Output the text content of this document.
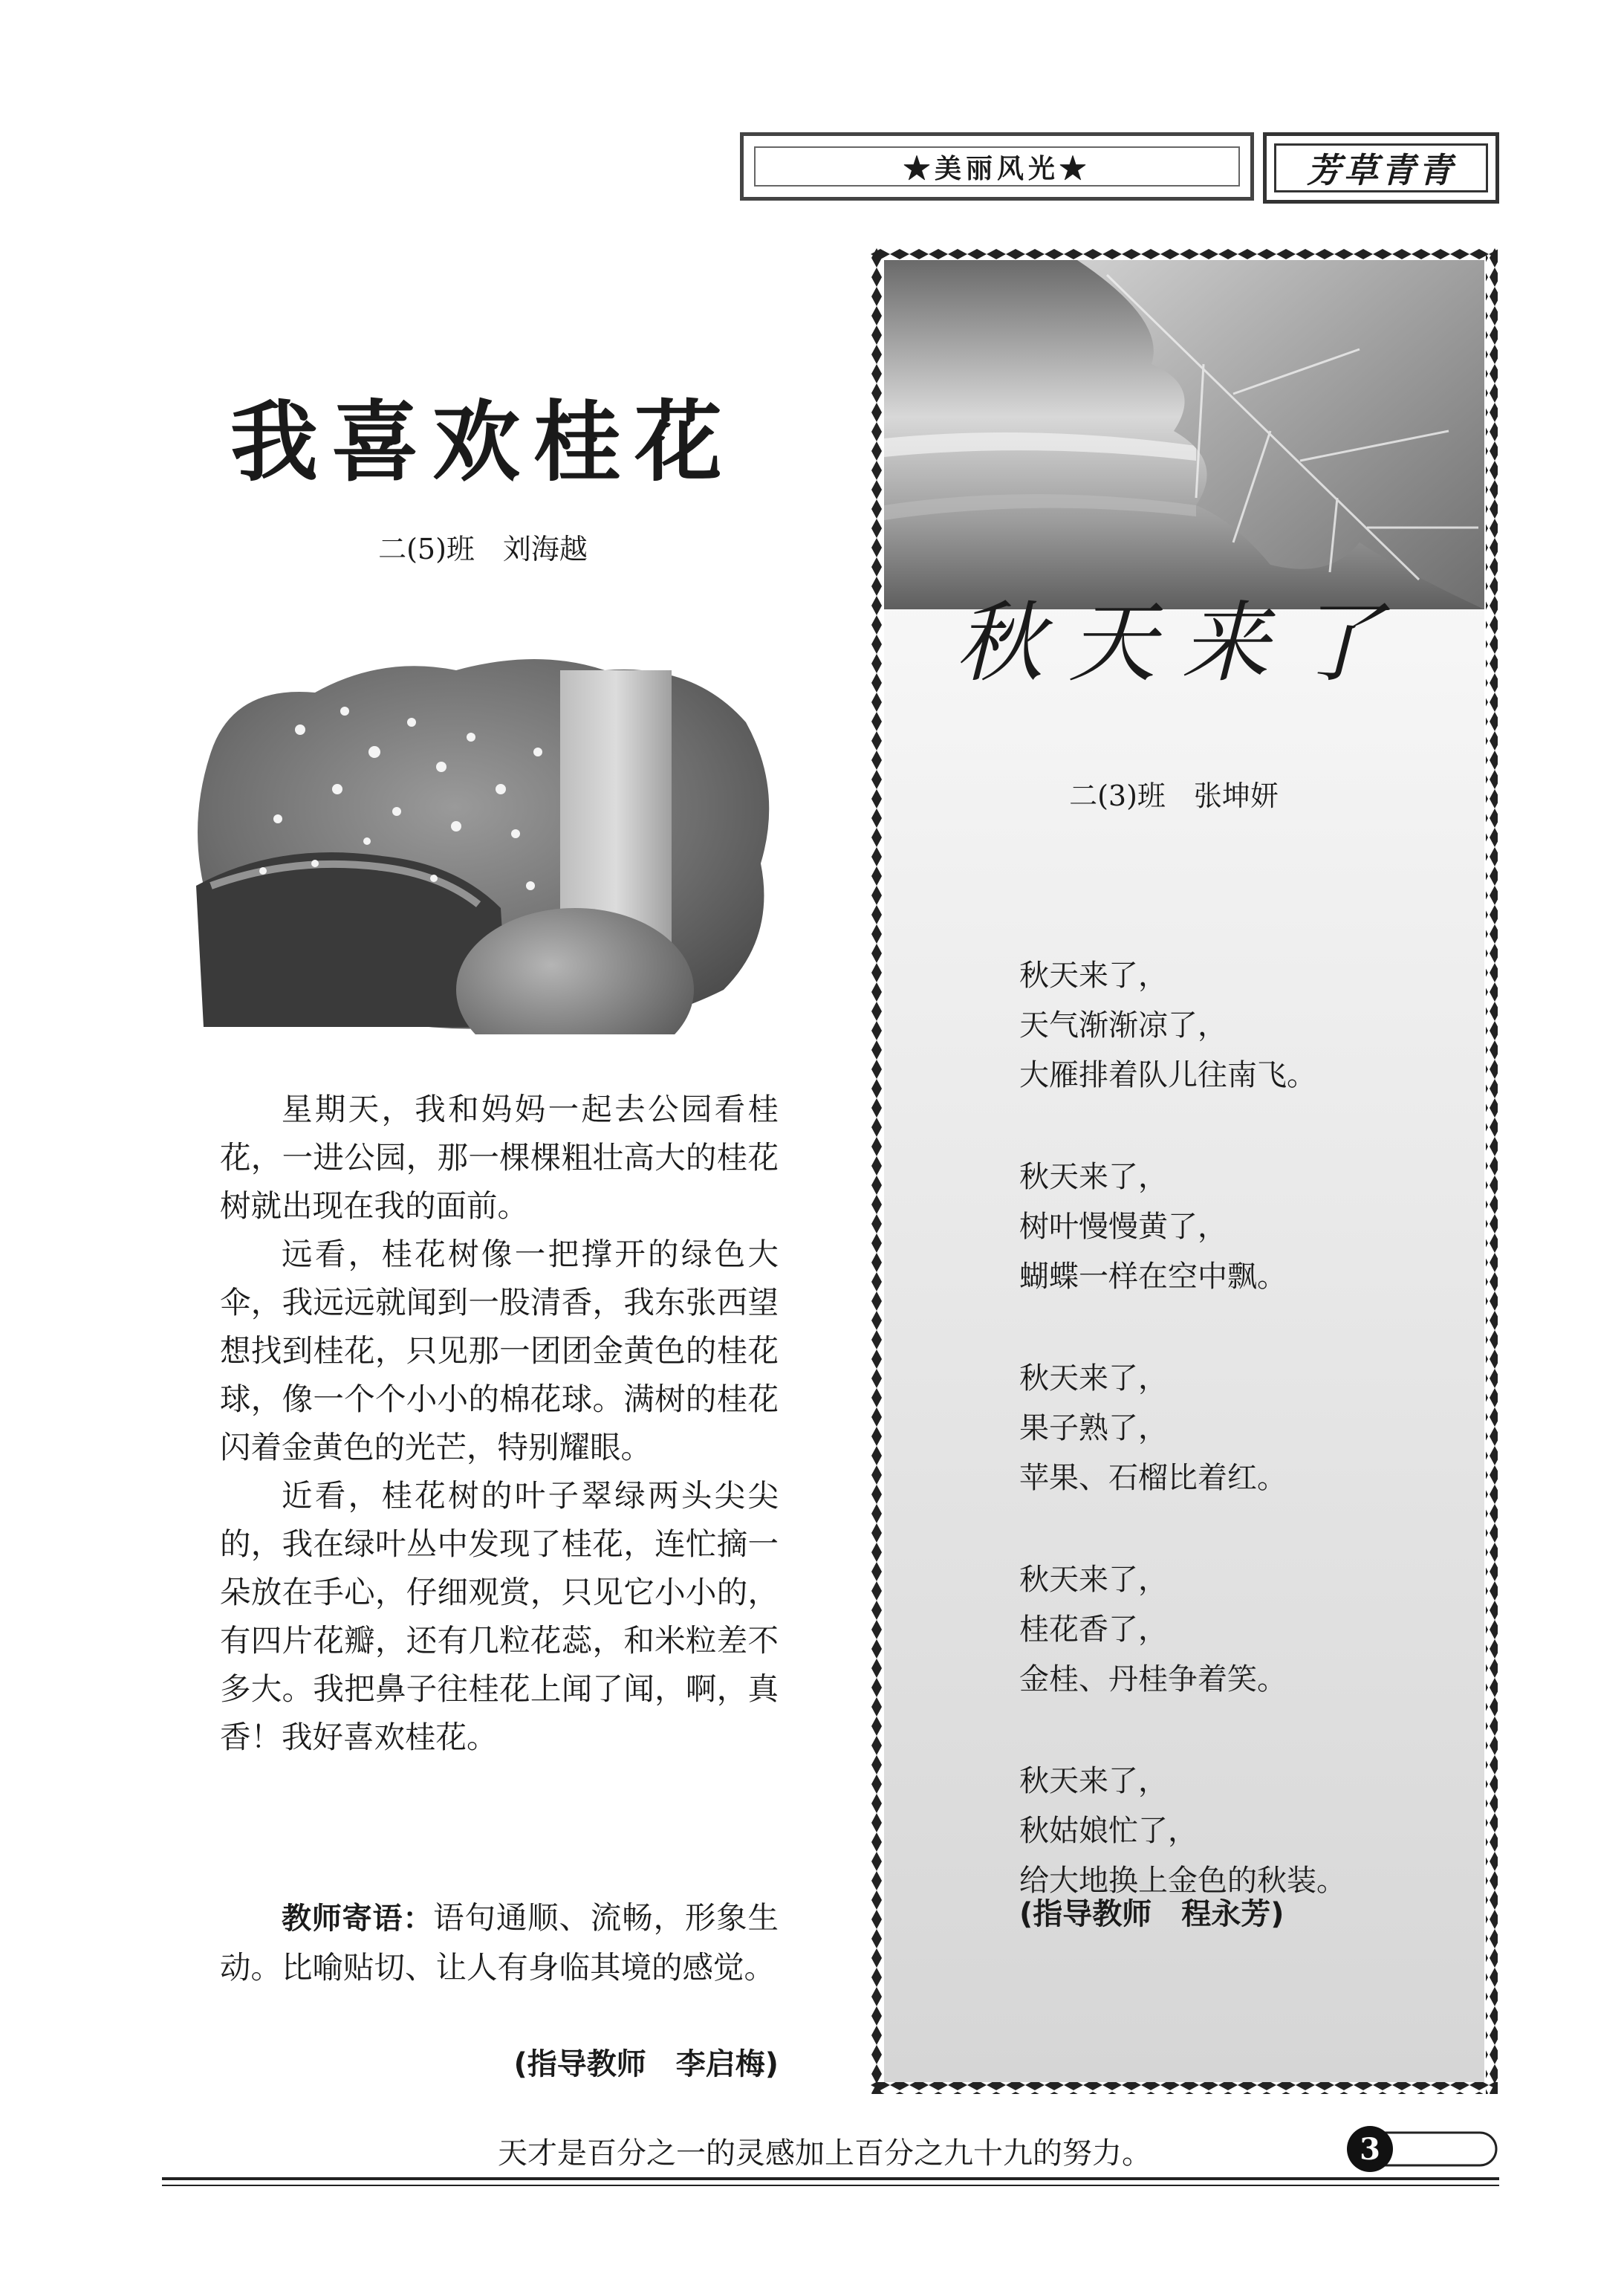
★美丽风光★	芳草青青
我喜欢桂花
二(5)班　刘海越

星期天，我和妈妈一起去公园看桂花，一进公园，那一棵棵粗壮高大的桂花树就出现在我的面前。

远看，桂花树像一把撑开的绿色大伞，我远远就闻到一股清香，我东张西望想找到桂花，只见那一团团金黄色的桂花球，像一个个小小的棉花球。满树的桂花闪着金黄色的光芒，特别耀眼。

近看，桂花树的叶子翠绿两头尖尖的，我在绿叶丛中发现了桂花，连忙摘一朵放在手心，仔细观赏，只见它小小的，有四片花瓣，还有几粒花蕊，和米粒差不多大。我把鼻子往桂花上闻了闻，啊，真香！我好喜欢桂花。

教师寄语：语句通顺、流畅，形象生动。比喻贴切、让人有身临其境的感觉。
(指导教师　李启梅)
秋天来了
二(3)班　张坤妍
秋天来了，
天气渐渐凉了，
大雁排着队儿往南飞。
秋天来了，
树叶慢慢黄了，
蝴蝶一样在空中飘。
秋天来了，
果子熟了，
苹果、石榴比着红。
秋天来了，
桂花香了，
金桂、丹桂争着笑。
秋天来了，
秋姑娘忙了，
给大地换上金色的秋装。
(指导教师　程永芳)
天才是百分之一的灵感加上百分之九十九的努力。	3
